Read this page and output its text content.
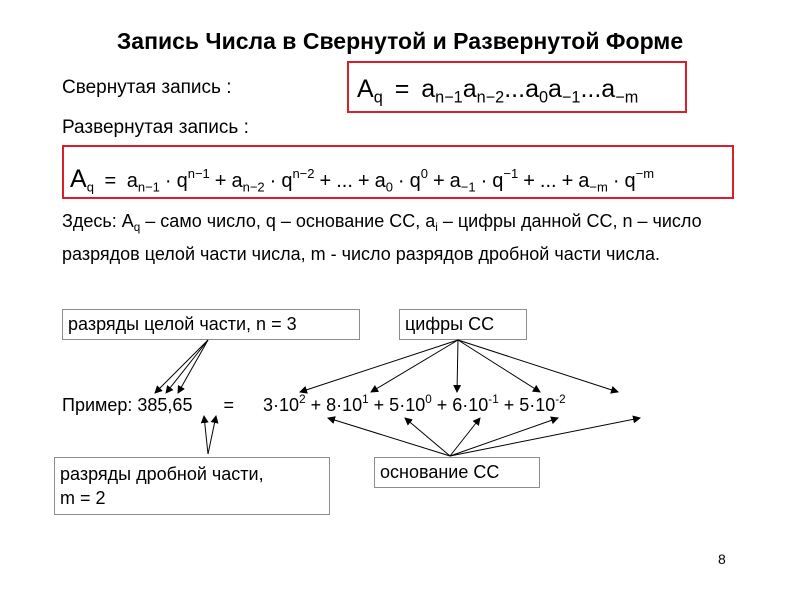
Запись Числа в Свернутой и Развернутой Форме
Свернутая запись :
Развернутая запись :
$A_q = a_{n-1}a_{n-2}...a_0a_{-1}...a_{-m}$
$A_q = a_{n-1} \cdot q^{n-1} + a_{n-2} \cdot q^{n-2}$ + ... + $a_0 \cdot q^0 + a_{-1} \cdot q^{-1}$ + ... + $a_{-m} \cdot q^{-m}$
Здесь: $A_q$ – само число, q – основание СС, $a_i$ – цифры данной СС, n – число разрядов целой части числа, m - число разрядов дробной части числа.
разряды целой части, n = 3	цифры СС
разряды дробной части,
m = 2
основание СС
Пример: $385,65 = 3\cdot 10^2 + 8\cdot 10^1 + 5\cdot 10^0 + 6\cdot 10^{-1} + 5\cdot 10^{-2}$
8
